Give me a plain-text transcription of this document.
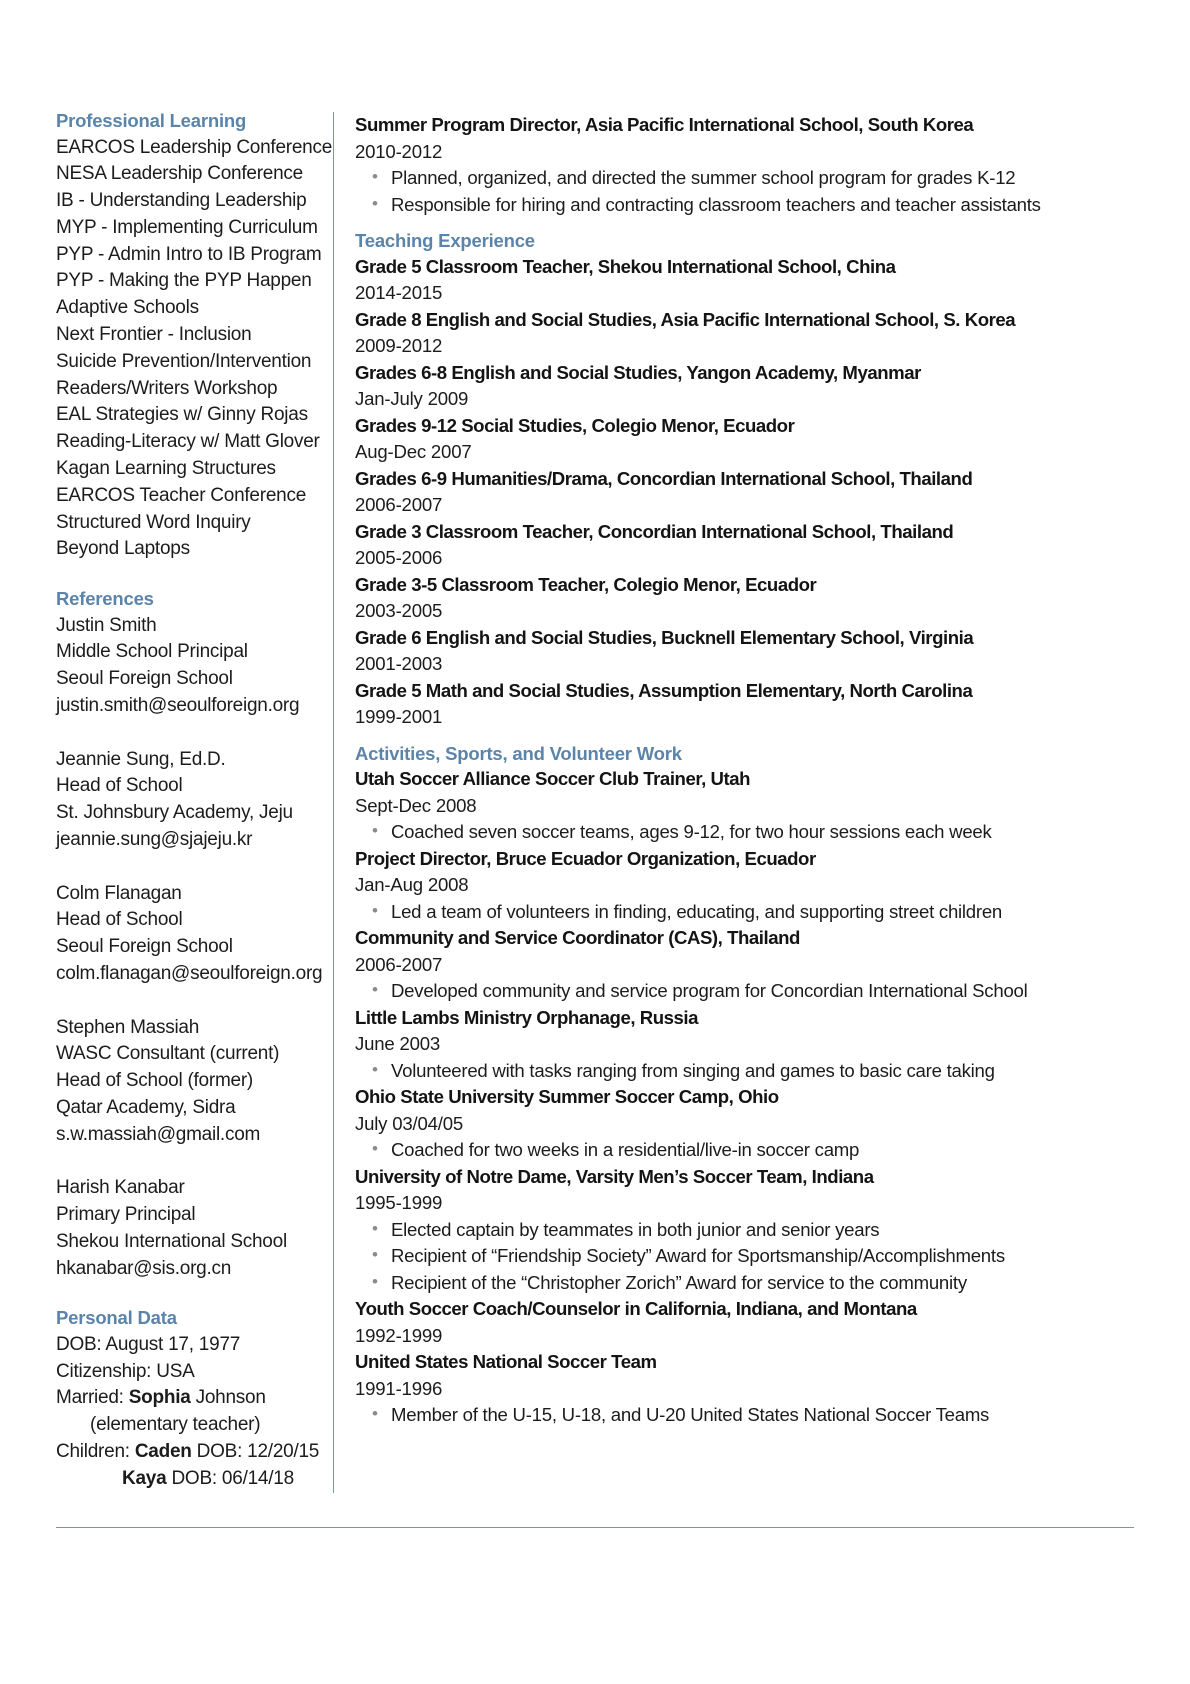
Professional Learning
EARCOS Leadership Conference
NESA Leadership Conference
IB - Understanding Leadership
MYP - Implementing Curriculum
PYP - Admin Intro to IB Program
PYP - Making the PYP Happen
Adaptive Schools
Next Frontier - Inclusion
Suicide Prevention/Intervention
Readers/Writers Workshop
EAL Strategies w/ Ginny Rojas
Reading-Literacy w/ Matt Glover
Kagan Learning Structures
EARCOS Teacher Conference
Structured Word Inquiry
Beyond Laptops
References
Justin Smith
Middle School Principal
Seoul Foreign School
justin.smith@seoulforeign.org
Jeannie Sung, Ed.D.
Head of School
St. Johnsbury Academy, Jeju
jeannie.sung@sjajeju.kr
Colm Flanagan
Head of School
Seoul Foreign School
colm.flanagan@seoulforeign.org
Stephen Massiah
WASC Consultant (current)
Head of School (former)
Qatar Academy, Sidra
s.w.massiah@gmail.com
Harish Kanabar
Primary Principal
Shekou International School
hkanabar@sis.org.cn
Personal Data
DOB: August 17, 1977
Citizenship: USA
Married: Sophia Johnson
(elementary teacher)
Children: Caden DOB: 12/20/15
Kaya DOB: 06/14/18
Summer Program Director, Asia Pacific International School, South Korea
2010-2012
• Planned, organized, and directed the summer school program for grades K-12
• Responsible for hiring and contracting classroom teachers and teacher assistants
Teaching Experience
Grade 5 Classroom Teacher, Shekou International School, China
2014-2015
Grade 8 English and Social Studies, Asia Pacific International School, S. Korea
2009-2012
Grades 6-8 English and Social Studies, Yangon Academy, Myanmar
Jan-July 2009
Grades 9-12 Social Studies, Colegio Menor, Ecuador
Aug-Dec 2007
Grades 6-9 Humanities/Drama, Concordian International School, Thailand
2006-2007
Grade 3 Classroom Teacher, Concordian International School, Thailand
2005-2006
Grade 3-5 Classroom Teacher, Colegio Menor, Ecuador
2003-2005
Grade 6 English and Social Studies, Bucknell Elementary School, Virginia
2001-2003
Grade 5 Math and Social Studies, Assumption Elementary, North Carolina
1999-2001
Activities, Sports, and Volunteer Work
Utah Soccer Alliance Soccer Club Trainer, Utah
Sept-Dec 2008
• Coached seven soccer teams, ages 9-12, for two hour sessions each week
Project Director, Bruce Ecuador Organization, Ecuador
Jan-Aug 2008
• Led a team of volunteers in finding, educating, and supporting street children
Community and Service Coordinator (CAS), Thailand
2006-2007
• Developed community and service program for Concordian International School
Little Lambs Ministry Orphanage, Russia
June 2003
• Volunteered with tasks ranging from singing and games to basic care taking
Ohio State University Summer Soccer Camp, Ohio
July 03/04/05
• Coached for two weeks in a residential/live-in soccer camp
University of Notre Dame, Varsity Men’s Soccer Team, Indiana
1995-1999
• Elected captain by teammates in both junior and senior years
• Recipient of “Friendship Society” Award for Sportsmanship/Accomplishments
• Recipient of the “Christopher Zorich” Award for service to the community
Youth Soccer Coach/Counselor in California, Indiana, and Montana
1992-1999
United States National Soccer Team
1991-1996
• Member of the U-15, U-18, and U-20 United States National Soccer Teams
